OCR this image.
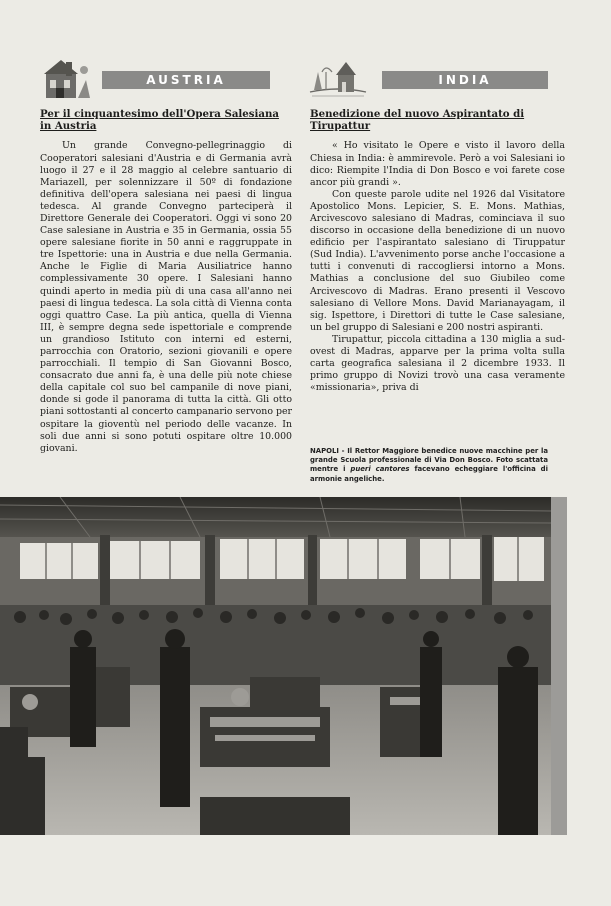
AUSTRIA	INDIA
Per il cinquantesimo dell'Opera Salesiana in Austria

Un grande Convegno-pellegrinaggio di Cooperatori salesiani d'Austria e di Germania avrà luogo il 27 e il 28 maggio al celebre santuario di Mariazell, per solennizzare il 50º di fondazione definitiva dell'opera salesiana nei paesi di lingua tedesca. Al grande Convegno parteciperà il Direttore Generale dei Cooperatori. Oggi vi sono 20 Case salesiane in Austria e 35 in Germania, ossia 55 opere salesiane fiorite in 50 anni e raggruppate in tre Ispettorie: una in Austria e due nella Germania. Anche le Figlie di Maria Ausiliatrice hanno complessivamente 30 opere. I Salesiani hanno quindi aperto in media più di una casa all'anno nei paesi di lingua tedesca. La sola città di Vienna conta oggi quattro Case. La più antica, quella di Vienna III, è sempre degna sede ispettoriale e comprende un grandioso Istituto con interni ed esterni, parrocchia con Oratorio, sezioni giovanili e opere parrocchiali. Il tempio di San Giovanni Bosco, consacrato due anni fa, è una delle più note chiese della capitale col suo bel campanile di nove piani, donde si gode il panorama di tutta la città. Gli otto piani sottostanti al concerto campanario servono per ospitare la gioventù nel periodo delle vacanze. In soli due anni si sono potuti ospitare oltre 10.000 giovani.

Benedizione del nuovo Aspirantato di Tirupattur

« Ho visitato le Opere e visto il lavoro della Chiesa in India: è ammirevole. Però a voi Salesiani io dico: Riempite l'India di Don Bosco e voi farete cose ancor più grandi ».

Con queste parole udite nel 1926 dal Visitatore Apostolico Mons. Lepicier, S. E. Mons. Mathias, Arcivescovo salesiano di Madras, cominciava il suo discorso in occasione della benedizione di un nuovo edificio per l'aspirantato salesiano di Tiruppatur (Sud India). L'avvenimento porse anche l'occasione a tutti i convenuti di raccogliersi intorno a Mons. Mathias a conclusione del suo Giubileo come Arcivescovo di Madras. Erano presenti il Vescovo salesiano di Vellore Mons. David Marianayagam, il sig. Ispettore, i Direttori di tutte le Case salesiane, un bel gruppo di Salesiani e 200 nostri aspiranti.

Tirupattur, piccola cittadina a 130 miglia a sud-ovest di Madras, apparve per la prima volta sulla carta geografica salesiana il 2 dicembre 1933. Il primo gruppo di Novizi trovò una casa veramente «missionaria», priva di

NAPOLI - Il Rettor Maggiore benedice nuove macchine per la grande Scuola professionale di Via Don Bosco. Foto scattata mentre i pueri cantores facevano echeggiare l'officina di armonie angeliche.
